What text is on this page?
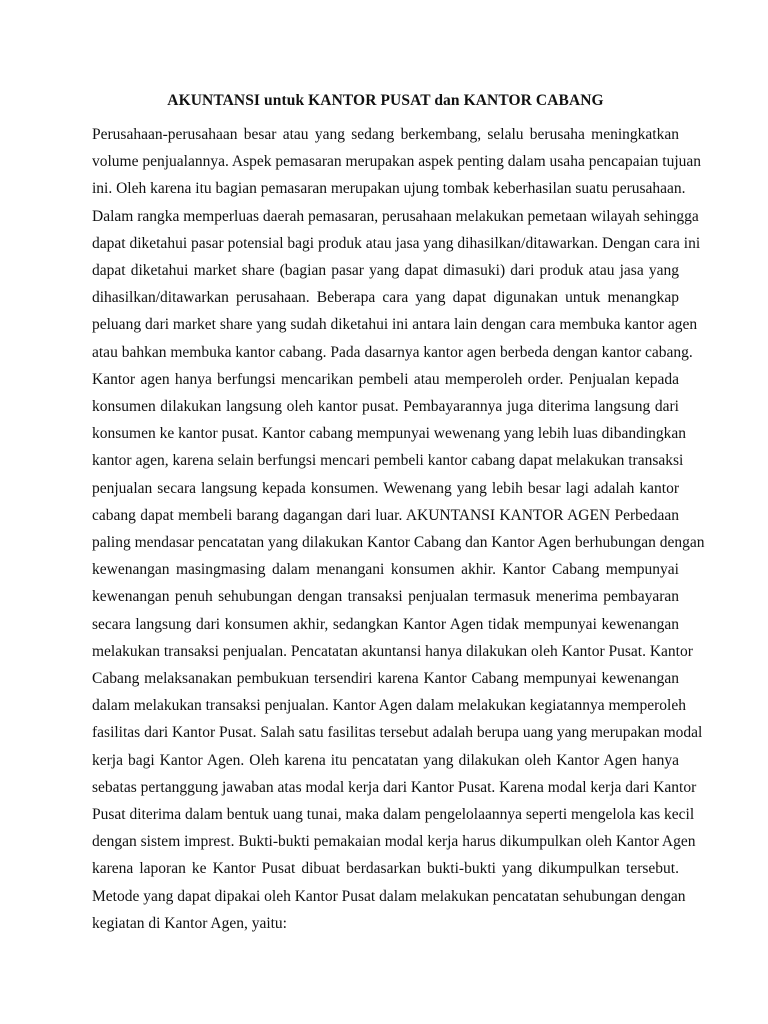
AKUNTANSI untuk KANTOR PUSAT dan KANTOR CABANG

Perusahaan-perusahaan besar atau yang sedang berkembang, selalu berusaha meningkatkan
volume penjualannya. Aspek pemasaran merupakan aspek penting dalam usaha pencapaian tujuan
ini. Oleh karena itu bagian pemasaran merupakan ujung tombak keberhasilan suatu perusahaan.
Dalam rangka memperluas daerah pemasaran, perusahaan melakukan pemetaan wilayah sehingga
dapat diketahui pasar potensial bagi produk atau jasa yang dihasilkan/ditawarkan. Dengan cara ini
dapat diketahui market share (bagian pasar yang dapat dimasuki) dari produk atau jasa yang
dihasilkan/ditawarkan perusahaan. Beberapa cara yang dapat digunakan untuk menangkap
peluang dari market share yang sudah diketahui ini antara lain dengan cara membuka kantor agen
atau bahkan membuka kantor cabang. Pada dasarnya kantor agen berbeda dengan kantor cabang.
Kantor agen hanya berfungsi mencarikan pembeli atau memperoleh order. Penjualan kepada
konsumen dilakukan langsung oleh kantor pusat. Pembayarannya juga diterima langsung dari
konsumen ke kantor pusat. Kantor cabang mempunyai wewenang yang lebih luas dibandingkan
kantor agen, karena selain berfungsi mencari pembeli kantor cabang dapat melakukan transaksi
penjualan secara langsung kepada konsumen. Wewenang yang lebih besar lagi adalah kantor
cabang dapat membeli barang dagangan dari luar. AKUNTANSI KANTOR AGEN Perbedaan
paling mendasar pencatatan yang dilakukan Kantor Cabang dan Kantor Agen berhubungan dengan
kewenangan masingmasing dalam menangani konsumen akhir. Kantor Cabang mempunyai
kewenangan penuh sehubungan dengan transaksi penjualan termasuk menerima pembayaran
secara langsung dari konsumen akhir, sedangkan Kantor Agen tidak mempunyai kewenangan
melakukan transaksi penjualan. Pencatatan akuntansi hanya dilakukan oleh Kantor Pusat. Kantor
Cabang melaksanakan pembukuan tersendiri karena Kantor Cabang mempunyai kewenangan
dalam melakukan transaksi penjualan. Kantor Agen dalam melakukan kegiatannya memperoleh
fasilitas dari Kantor Pusat. Salah satu fasilitas tersebut adalah berupa uang yang merupakan modal
kerja bagi Kantor Agen. Oleh karena itu pencatatan yang dilakukan oleh Kantor Agen hanya
sebatas pertanggung jawaban atas modal kerja dari Kantor Pusat. Karena modal kerja dari Kantor
Pusat diterima dalam bentuk uang tunai, maka dalam pengelolaannya seperti mengelola kas kecil
dengan sistem imprest. Bukti-bukti pemakaian modal kerja harus dikumpulkan oleh Kantor Agen
karena laporan ke Kantor Pusat dibuat berdasarkan bukti-bukti yang dikumpulkan tersebut.
Metode yang dapat dipakai oleh Kantor Pusat dalam melakukan pencatatan sehubungan dengan
kegiatan di Kantor Agen, yaitu:
